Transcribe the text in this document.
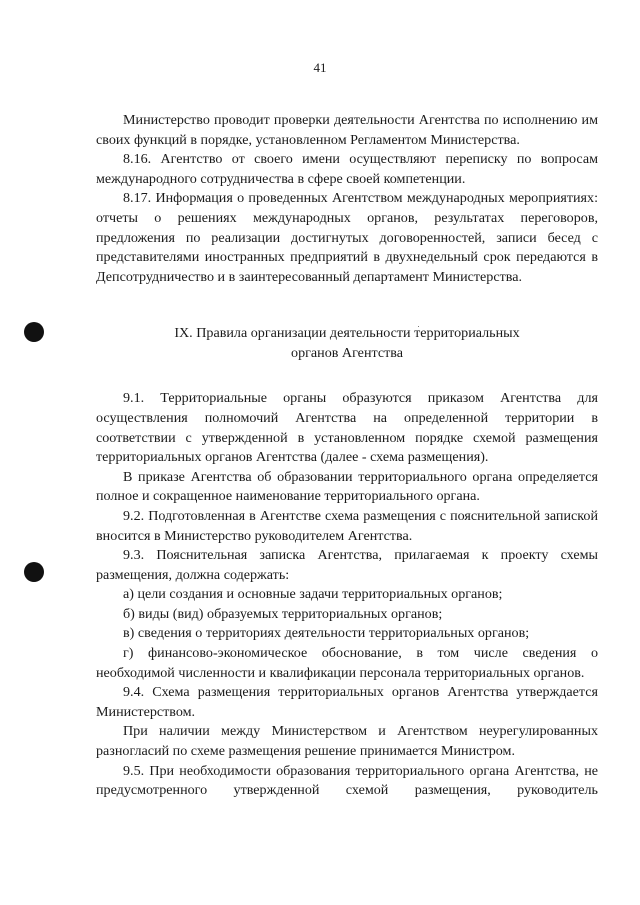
41

Министерство проводит проверки деятельности Агентства по исполнению им своих функций в порядке, установленном Регламентом Министерства.

8.16. Агентство от своего имени осуществляют переписку по вопросам международного сотрудничества в сфере своей компетенции.

8.17. Информация о проведенных Агентством международных мероприятиях: отчеты о решениях международных органов, результатах переговоров, предложения по реализации достигнутых договоренностей, записи бесед с представителями иностранных предприятий в двухнедельный срок передаются в Депсотрудничество и в заинтересованный департамент Министерства.

IX. Правила организации деятельности территориальных
органов Агентства

9.1. Территориальные органы образуются приказом Агентства для осуществления полномочий Агентства на определенной территории в соответствии с утвержденной в установленном порядке схемой размещения территориальных органов Агентства (далее - схема размещения).

В приказе Агентства об образовании территориального органа определяется полное и сокращенное наименование территориального органа.

9.2. Подготовленная в Агентстве схема размещения с пояснительной запиской вносится в Министерство руководителем Агентства.

9.3. Пояснительная записка Агентства, прилагаемая к проекту схемы размещения, должна содержать:

а) цели создания и основные задачи территориальных органов;

б) виды (вид) образуемых территориальных органов;

в) сведения о территориях деятельности территориальных органов;

г) финансово-экономическое обоснование, в том числе сведения о необходимой численности и квалификации персонала территориальных органов.

9.4. Схема размещения территориальных органов Агентства утверждается Министерством.

При наличии между Министерством и Агентством неурегулированных разногласий по схеме размещения решение принимается Министром.

9.5. При необходимости образования территориального органа Агентства, не предусмотренного утвержденной схемой размещения, руководитель
